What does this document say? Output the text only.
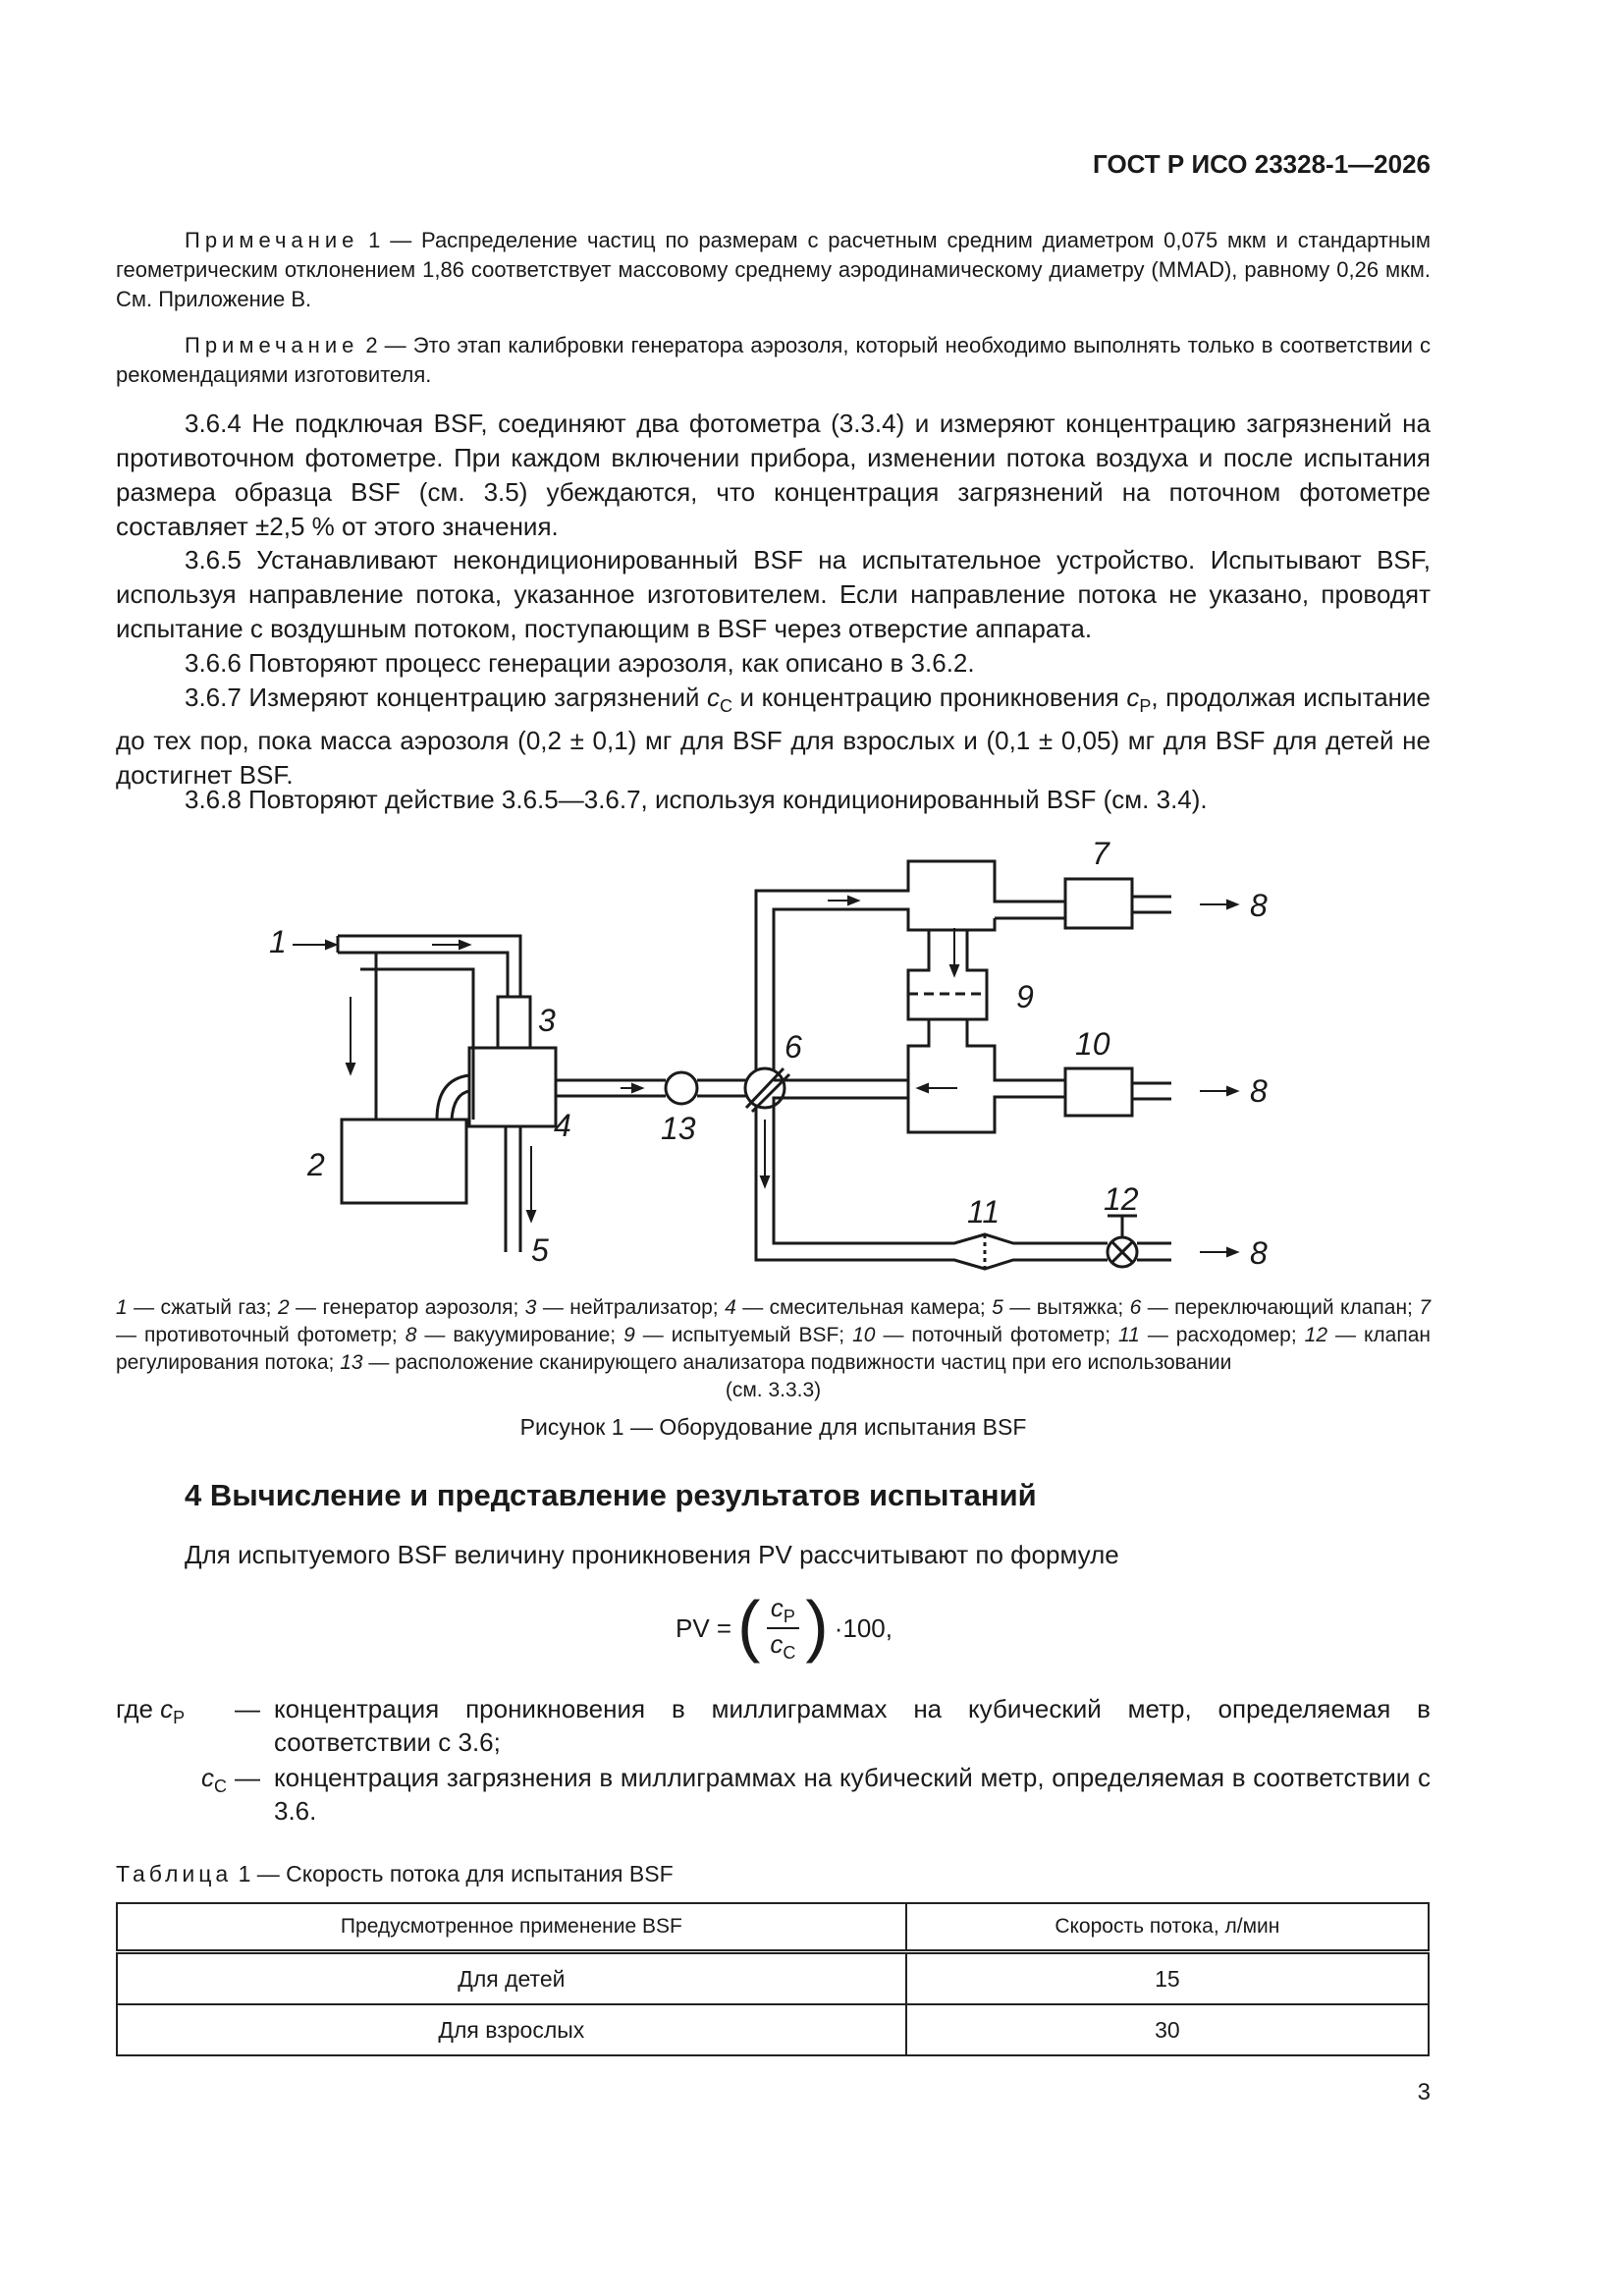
ГОСТ Р ИСО 23328-1—2026
Примечание 1 — Распределение частиц по размерам с расчетным средним диаметром 0,075 мкм и стандартным геометрическим отклонением 1,86 соответствует массовому среднему аэродинамическому диаметру (MMAD), равному 0,26 мкм. См. Приложение В.
Примечание 2 — Это этап калибровки генератора аэрозоля, который необходимо выполнять только в соответствии с рекомендациями изготовителя.
3.6.4 Не подключая BSF, соединяют два фотометра (3.3.4) и измеряют концентрацию загрязнений на противоточном фотометре. При каждом включении прибора, изменении потока воздуха и после испытания размера образца BSF (см. 3.5) убеждаются, что концентрация загрязнений на поточном фотометре составляет ±2,5 % от этого значения.
3.6.5 Устанавливают некондиционированный BSF на испытательное устройство. Испытывают BSF, используя направление потока, указанное изготовителем. Если направление потока не указано, проводят испытание с воздушным потоком, поступающим в BSF через отверстие аппарата.
3.6.6 Повторяют процесс генерации аэрозоля, как описано в 3.6.2.
3.6.7 Измеряют концентрацию загрязнений $c_C$ и концентрацию проникновения $c_P$, продолжая испытание до тех пор, пока масса аэрозоля (0,2 ± 0,1) мг для BSF для взрослых и (0,1 ± 0,05) мг для BSF для детей не достигнет BSF.
3.6.8 Повторяют действие 3.6.5—3.6.7, используя кондиционированный BSF (см. 3.4).
1
2
3
4
5
6
7
8
8
8
9
10
11	12
13
1 — сжатый газ; 2 — генератор аэрозоля; 3 — нейтрализатор; 4 — смесительная камера; 5 — вытяжка; 6 — переключающий клапан; 7 — противоточный фотометр; 8 — вакуумирование; 9 — испытуемый BSF; 10 — поточный фотометр; 11 — расходомер; 12 — клапан регулирования потока; 13 — расположение сканирующего анализатора подвижности частиц при его использовании
(см. 3.3.3)
Рисунок 1 — Оборудование для испытания BSF
4 Вычисление и представление результатов испытаний
Для испытуемого BSF величину проникновения PV рассчитывают по формуле
PV = ( $c_P$
$c_C$ ) ·100,
где $c_P$	— концентрация проникновения в миллиграммах на кубический метр, определяемая в соответствии с 3.6;
$c_C$ — концентрация загрязнения в миллиграммах на кубический метр, определяемая в соответствии с 3.6.
Таблица 1 — Скорость потока для испытания BSF
Предусмотренное применение BSF	Скорость потока, л/мин
Для детей	15
Для взрослых	30
3
